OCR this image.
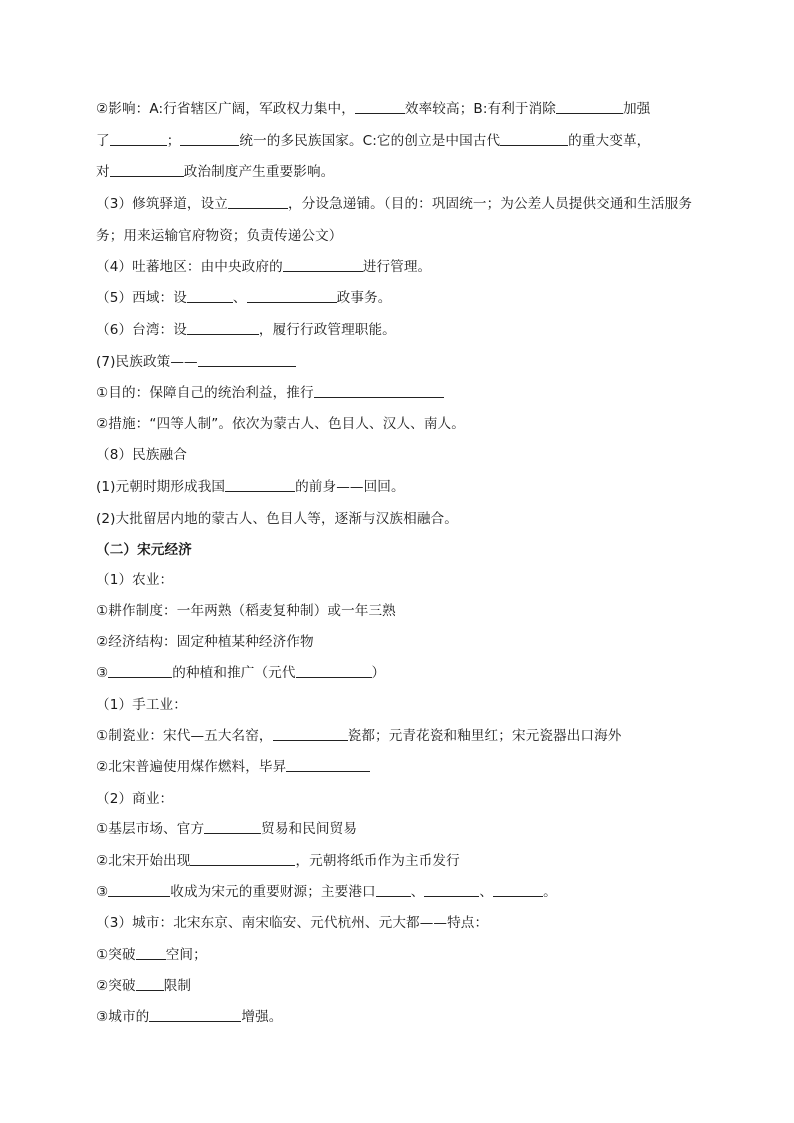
②影响：A:行省辖区广阔，军政权力集中，	效率较高；B:有利于消除	加强
了	；	统一的多民族国家。C:它的创立是中国古代	的重大变革，
对	政治制度产生重要影响。
（3）修筑驿道，设立	，分设急递铺。（目的：巩固统一；为公差人员提供交通和生活服务
务；用来运输官府物资；负责传递公文）
（4）吐蕃地区：由中央政府的	进行管理。
（5）西域：设	、	政事务。
（6）台湾：设	，履行行政管理职能。
(7)民族政策——
①目的：保障自己的统治利益，推行
②措施：“四等人制”。依次为蒙古人、色目人、汉人、南人。
（8）民族融合
(1)元朝时期形成我国	的前身——回回。
(2)大批留居内地的蒙古人、色目人等，逐渐与汉族相融合。
（二）宋元经济
（1）农业：
①耕作制度：一年两熟（稻麦复种制）或一年三熟
②经济结构：固定种植某种经济作物
③	的种植和推广（元代	）
（1）手工业：
①制瓷业：宋代—五大名窑，	瓷都；元青花瓷和釉里红；宋元瓷器出口海外
②北宋普遍使用煤作燃料，毕昇
（2）商业：
①基层市场、官方	贸易和民间贸易
②北宋开始出现	，元朝将纸币作为主币发行
③	收成为宋元的重要财源；主要港口	、	、	。
（3）城市：北宋东京、南宋临安、元代杭州、元大都——特点：
①突破 空间；
②突破 限制
③城市的	增强。
